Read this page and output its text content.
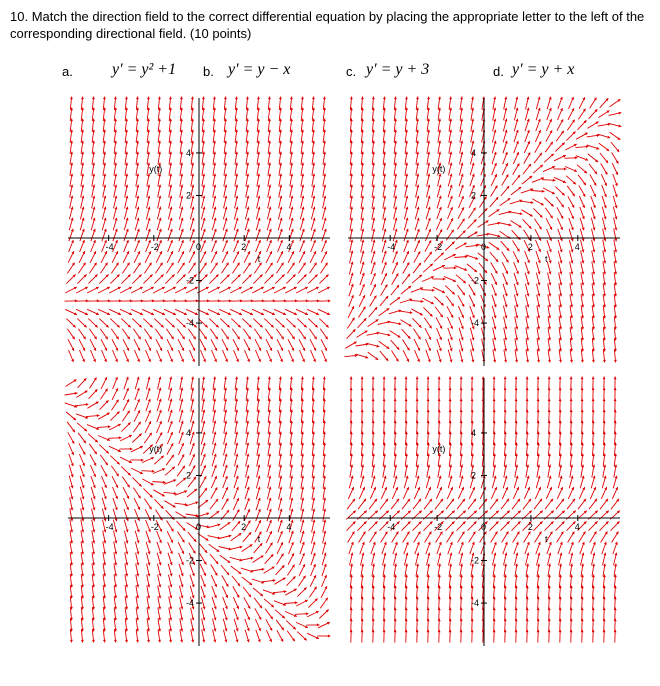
10. Match the direction field to the correct differential equation by placing the appropriate letter to the left of the corresponding directional field. (10 points)
a. y′ = y² +1 b. y′ = y − x	c. y′ = y + 3	d. y′ = y + x
-4	-2	0	2	4
4
2
-2
-4
t
y(t)
-4	-2	0	2	4
4
2
-2
-4
t
y(t)
-4	-2	0	2	4
4
2
-2
-4
t
y(t)
-4	-2	0	2	4
4
2
-2
-4
t
y(t)
